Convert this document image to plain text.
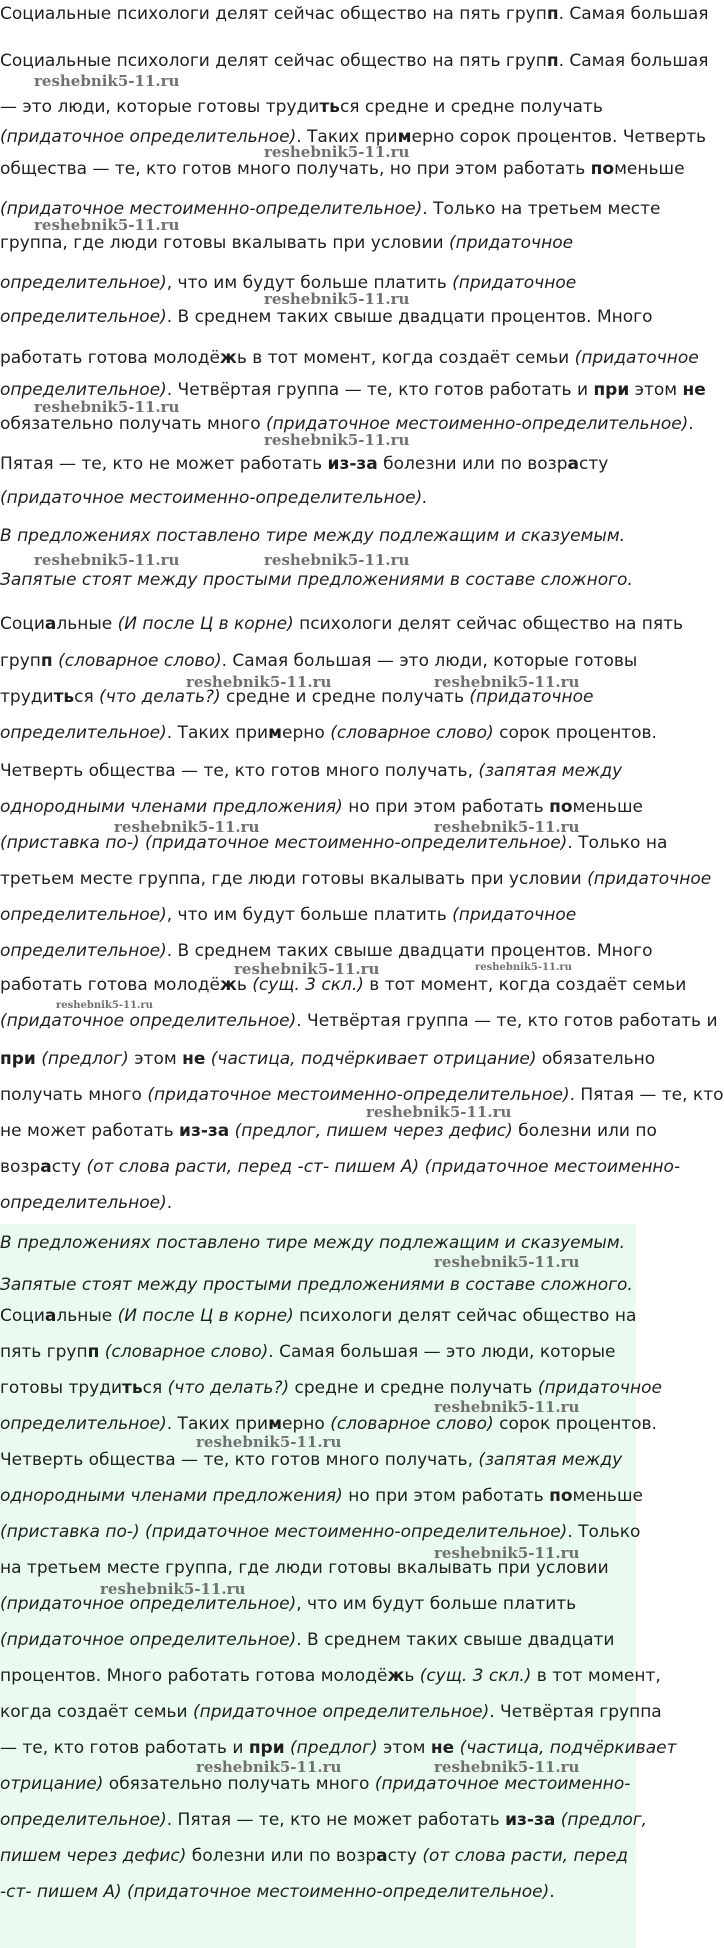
Социальные психологи делят сейчас общество на пять групп. Самая большая

Социальные психологи делят сейчас общество на пять групп. Самая большая

— это люди, которые готовы трудиться средне и средне получать

(придаточное определительное). Таких примерно сорок процентов. Четверть

общества — те, кто готов много получать, но при этом работать поменьше

(придаточное местоименно-определительное). Только на третьем месте

группа, где люди готовы вкалывать при условии (придаточное

определительное), что им будут больше платить (придаточное

определительное). В среднем таких свыше двадцати процентов. Много

работать готова молодёжь в тот момент, когда создаёт семьи (придаточное

определительное). Четвёртая группа — те, кто готов работать и при этом не

обязательно получать много (придаточное местоименно-определительное).

Пятая — те, кто не может работать из-за болезни или по возрасту

(придаточное местоименно-определительное).

В предложениях поставлено тире между подлежащим и сказуемым.

Запятые стоят между простыми предложениями в составе сложного.

Социальные (И после Ц в корне) психологи делят сейчас общество на пять

групп (словарное слово). Самая большая — это люди, которые готовы

трудиться (что делать?) средне и средне получать (придаточное

определительное). Таких примерно (словарное слово) сорок процентов.

Четверть общества — те, кто готов много получать, (запятая между

однородными членами предложения) но при этом работать поменьше

(приставка по-) (придаточное местоименно-определительное). Только на

третьем месте группа, где люди готовы вкалывать при условии (придаточное

определительное), что им будут больше платить (придаточное

определительное). В среднем таких свыше двадцати процентов. Много

работать готова молодёжь (сущ. 3 скл.) в тот момент, когда создаёт семьи

(придаточное определительное). Четвёртая группа — те, кто готов работать и

при (предлог) этом не (частица, подчёркивает отрицание) обязательно

получать много (придаточное местоименно-определительное). Пятая — те, кто

не может работать из-за (предлог, пишем через дефис) болезни или по

возрасту (от слова расти, перед -ст- пишем А) (придаточное местоименно-

определительное).

В предложениях поставлено тире между подлежащим и сказуемым.

Запятые стоят между простыми предложениями в составе сложного.

Социальные (И после Ц в корне) психологи делят сейчас общество на

пять групп (словарное слово). Самая большая — это люди, которые

готовы трудиться (что делать?) средне и средне получать (придаточное

определительное). Таких примерно (словарное слово) сорок процентов.

Четверть общества — те, кто готов много получать, (запятая между

однородными членами предложения) но при этом работать поменьше

(приставка по-) (придаточное местоименно-определительное). Только

на третьем месте группа, где люди готовы вкалывать при условии

(придаточное определительное), что им будут больше платить

(придаточное определительное). В среднем таких свыше двадцати

процентов. Много работать готова молодёжь (сущ. 3 скл.) в тот момент,

когда создаёт семьи (придаточное определительное). Четвёртая группа

— те, кто готов работать и при (предлог) этом не (частица, подчёркивает

отрицание) обязательно получать много (придаточное местоименно-

определительное). Пятая — те, кто не может работать из-за (предлог,

пишем через дефис) болезни или по возрасту (от слова расти, перед

-ст- пишем А) (придаточное местоименно-определительное).

reshebnik5-11.ru
reshebnik5-11.ru
reshebnik5-11.ru
reshebnik5-11.ru
reshebnik5-11.ru
reshebnik5-11.ru
reshebnik5-11.ru	reshebnik5-11.ru
reshebnik5-11.ru	reshebnik5-11.ru
reshebnik5-11.ru	reshebnik5-11.ru
reshebnik5-11.ru	reshebnik5-11.ru
reshebnik5-11.ru
reshebnik5-11.ru
reshebnik5-11.ru
reshebnik5-11.ru
reshebnik5-11.ru
reshebnik5-11.ru
reshebnik5-11.ru
reshebnik5-11.ru	reshebnik5-11.ru
